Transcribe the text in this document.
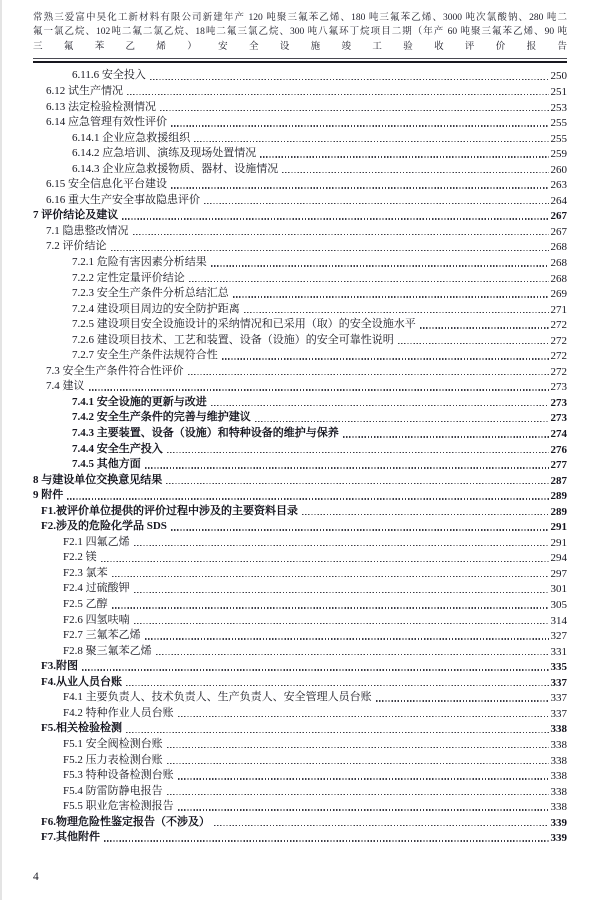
常熟三爱富中昊化工新材料有限公司新建年产 120 吨聚三氟苯乙烯、180 吨三氟苯乙烯、3000 吨次氯酸钠、280 吨二
氟一氯乙烷、102吨二氟二氯乙烷、18吨二氟三氯乙烷、300 吨八氟环丁烷项目二期（年产 60 吨聚三氟苯乙烯、90 吨
三 氟 苯 乙 烯 ） 安 全 设 施 竣 工 验 收 评 价 报 告
6.11.6 安全投入	250
6.12 试生产情况	251
6.13 法定检验检测情况	253
6.14 应急管理有效性评价	255
6.14.1 企业应急救援组织	255
6.14.2 应急培训、演练及现场处置情况	259
6.14.3 企业应急救援物质、器材、设施情况	260
6.15 安全信息化平台建设	263
6.16 重大生产安全事故隐患评价	264
7 评价结论及建议	267
7.1 隐患整改情况	267
7.2 评价结论	268
7.2.1 危险有害因素分析结果	268
7.2.2 定性定量评价结论	268
7.2.3 安全生产条件分析总结汇总	269
7.2.4 建设项目周边的安全防护距离	271
7.2.5 建设项目安全设施设计的采纳情况和已采用（取）的安全设施水平	272
7.2.6 建设项目技术、工艺和装置、设备（设施）的安全可靠性说明	272
7.2.7 安全生产条件法规符合性	272
7.3 安全生产条件符合性评价	272
7.4 建议	273
7.4.1 安全设施的更新与改进	273
7.4.2 安全生产条件的完善与维护建议	273
7.4.3 主要装置、设备（设施）和特种设备的维护与保养	274
7.4.4 安全生产投入	276
7.4.5 其他方面	277
8 与建设单位交换意见结果	287
9 附件	289
F1.被评价单位提供的评价过程中涉及的主要资料目录	289
F2.涉及的危险化学品 SDS	291
F2.1 四氟乙烯	291
F2.2 镁	294
F2.3 氯苯	297
F2.4 过硫酸钾	301
F2.5 乙醇	305
F2.6 四氢呋喃	314
F2.7 三氟苯乙烯	327
F2.8 聚三氟苯乙烯	331
F3.附图	335
F4.从业人员台账	337
F4.1 主要负责人、技术负责人、生产负责人、安全管理人员台账	337
F4.2 特种作业人员台账	337
F5.相关检验检测	338
F5.1 安全阀检测台账	338
F5.2 压力表检测台账	338
F5.3 特种设备检测台账	338
F5.4 防雷防静电报告	338
F5.5 职业危害检测报告	338
F6.物理危险性鉴定报告（不涉及）	339
F7.其他附件	339
4
